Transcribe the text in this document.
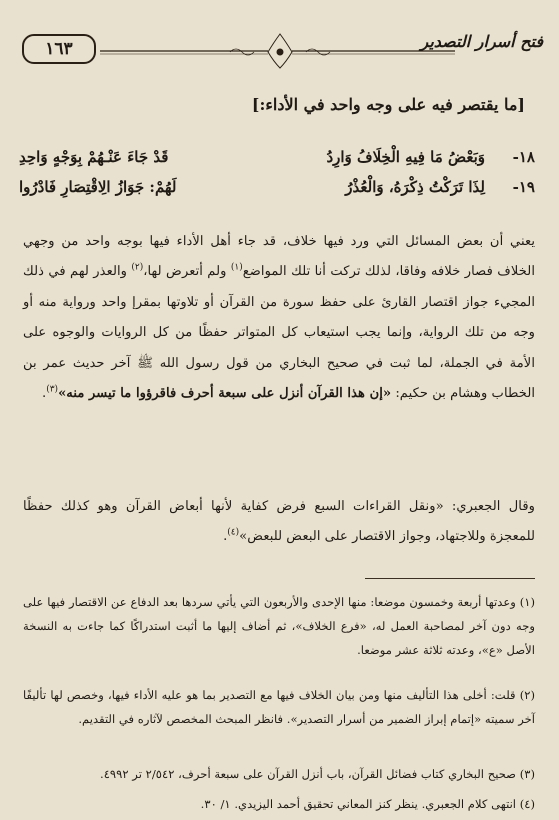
١٦٣	فتح أسرار التصدير
[ما يقتصر فيه على وجه واحد في الأداء:]
١٨-
وَبَعْضُ مَا فِيهِ الْخِلَافُ وَارِدُ
قَدْ جَاءَ عَنْـهُمْ بِوَجْهٍ وَاحِدِ
١٩-
لِذَا تَرَكْتُ ذِكْرَهُ، وَالْعُذْرُ
لَهُمْ: جَوَازُ الِاقْتِصَارِ فَادْرُوا
يعني أن بعض المسائل التي ورد فيها خلاف، قد جاء أهل الأداء فيها بوجه واحد من وجهي الخلاف فصار خلافه وفاقا، لذلك تركت أنا تلك المواضع$^{(١)}$ ولم أتعرض لها،$^{(٢)}$ والعذر لهم في ذلك المجيء جواز اقتصار القارئ على حفظ سورة من القرآن أو تلاوتها بمقرإ واحد ورواية منه أو وجه من تلك الرواية، وإنما يجب استيعاب كل المتواتر حفظًا من كل الروايات والوجوه على الأمة في الجملة، لما ثبت في صحيح البخاري من قول رسول الله ﷺ آخر حديث عمر بن الخطاب وهشام بن حكيم: «إن هذا القرآن أنزل على سبعة أحرف فاقرؤوا ما تيسر منه»$^{(٣)}$.
وقال الجعبري: «ونقل القراءات السبع فرض كفاية لأنها أبعاض القرآن وهو كذلك حفظًا للمعجزة وللاجتهاد، وجواز الاقتصار على البعض للبعض»$^{(٤)}$.
(١) وعدتها أربعة وخمسون موضعا: منها الإحدى والأربعون التي يأتي سردها بعد الدفاع عن الاقتصار فيها على وجه دون آخر لمصاحبة العمل له، «فرع الخلاف»، ثم أضاف إليها ما أثبت استدراكًا كما جاءت به النسخة الأصل «ع»، وعدته ثلاثة عشر موضعا.
(٢) قلت: أخلى هذا التأليف منها ومن بيان الخلاف فيها مع التصدير بما هو عليه الأداء فيها، وخصص لها تأليفًا آخر سميته «إتمام إبراز الضمير من أسرار التصدير». فانظر المبحث المخصص لآثاره في التقديم.
(٣) صحيح البخاري كتاب فضائل القرآن، باب أنزل القرآن على سبعة أحرف، ٢/٥٤٢ تر ٤٩٩٢.
(٤) انتهى كلام الجعبري. ينظر كنز المعاني تحقيق أحمد اليزيدي. ١/ ٣٠.
